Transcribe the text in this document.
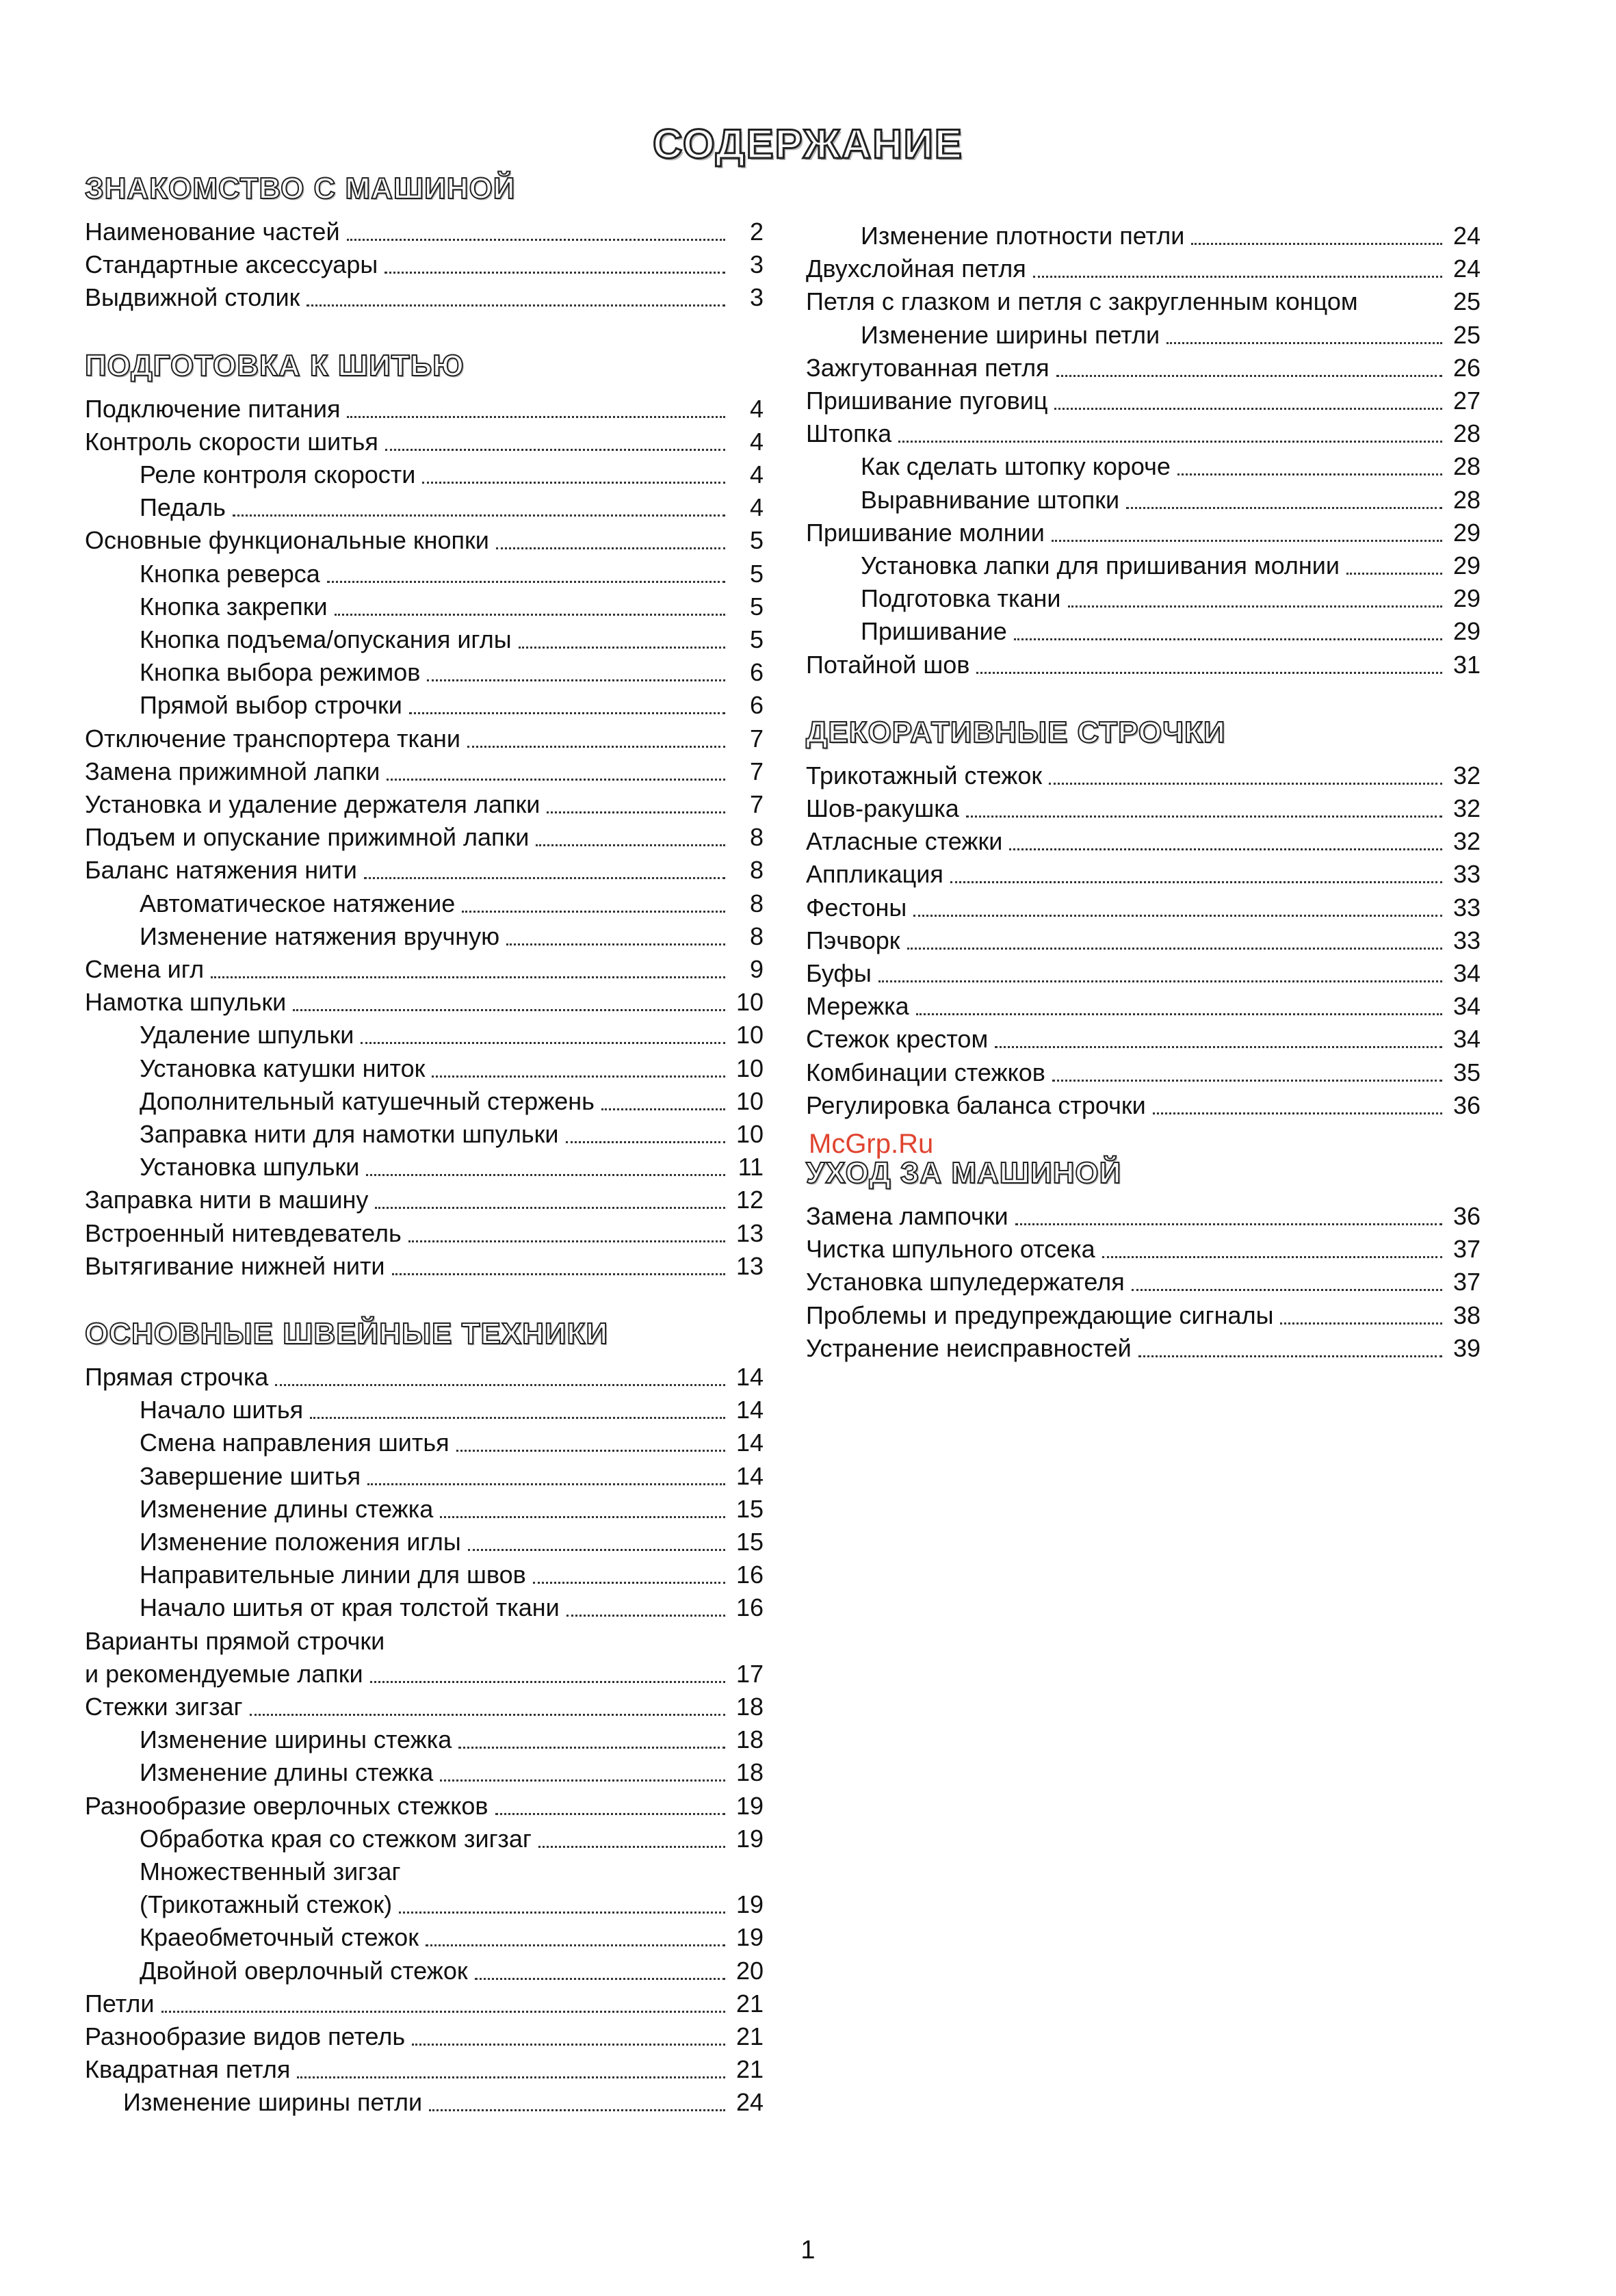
СОДЕРЖАНИЕ
ЗНАКОМСТВО С МАШИНОЙ
Наименование частей	2
Стандартные аксессуары	3
Выдвижной столик	3
ПОДГОТОВКА К ШИТЬЮ
Подключение питания	4
Контроль скорости шитья	4
Реле контроля скорости	4
Педаль	4
Основные функциональные кнопки	5
Кнопка реверса	5
Кнопка закрепки	5
Кнопка подъема/опускания иглы	5
Кнопка выбора режимов	6
Прямой выбор строчки	6
Отключение транспортера ткани	7
Замена прижимной лапки	7
Установка и удаление держателя лапки	7
Подъем и опускание прижимной лапки	8
Баланс натяжения нити	8
Автоматическое натяжение	8
Изменение натяжения вручную	8
Смена игл	9
Намотка шпульки	10
Удаление шпульки	10
Установка катушки ниток	10
Дополнительный катушечный стержень	10
Заправка нити для намотки шпульки	10
Установка шпульки	11
Заправка нити в машину	12
Встроенный нитевдеватель	13
Вытягивание нижней нити	13
ОСНОВНЫЕ ШВЕЙНЫЕ ТЕХНИКИ
Прямая строчка	14
Начало шитья	14
Смена направления шитья	14
Завершение шитья	14
Изменение длины стежка	15
Изменение положения иглы	15
Направительные линии для швов	16
Начало шитья от края толстой ткани	16
Варианты прямой строчки
и рекомендуемые лапки	17
Стежки зигзаг	18
Изменение ширины стежка	18
Изменение длины стежка	18
Разнообразие оверлочных стежков	19
Обработка края со стежком зигзаг	19
Множественный зигзаг
(Трикотажный стежок)	19
Краеобметочный стежок	19
Двойной оверлочный стежок	20
Петли	21
Разнообразие видов петель	21
Квадратная петля	21
Изменение ширины петли	24
Изменение плотности петли	24
Двухслойная петля	24
Петля с глазком и петля с закругленным концом	25
Изменение ширины петли	25
Зажгутованная петля	26
Пришивание пуговиц	27
Штопка	28
Как сделать штопку короче	28
Выравнивание штопки	28
Пришивание молнии	29
Установка лапки для пришивания молнии	29
Подготовка ткани	29
Пришивание	29
Потайной шов	31
ДЕКОРАТИВНЫЕ СТРОЧКИ
Трикотажный стежок	32
Шов-ракушка	32
Атласные стежки	32
Аппликация	33
Фестоны	33
Пэчворк	33
Буфы	34
Мережка	34
Стежок крестом	34
Комбинации стежков	35
Регулировка баланса строчки	36
УХОД ЗА МАШИНОЙ
Замена лампочки	36
Чистка шпульного отсека	37
Установка шпуледержателя	37
Проблемы и предупреждающие сигналы	38
Устранение неисправностей	39
McGrp.Ru
1
